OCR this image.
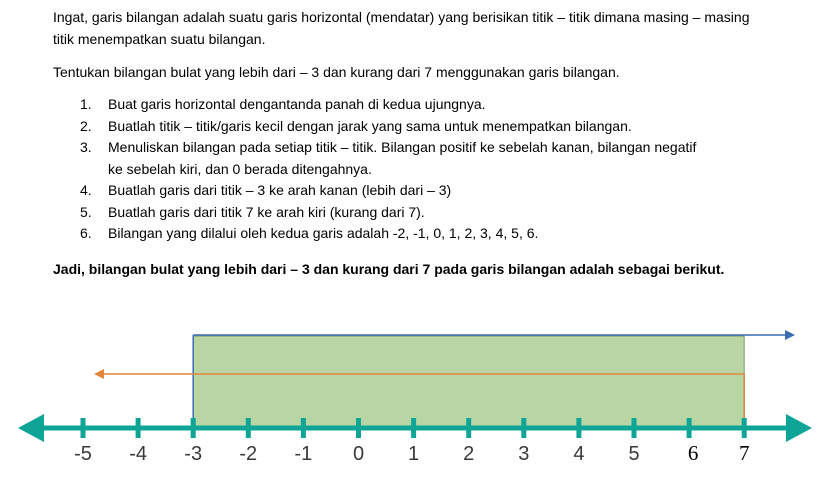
Ingat, garis bilangan adalah suatu garis horizontal (mendatar) yang berisikan titik – titik dimana masing – masing titik menempatkan suatu bilangan.

Tentukan bilangan bulat yang lebih dari – 3 dan kurang dari 7 menggunakan garis bilangan.

1. Buat garis horizontal dengantanda panah di kedua ujungnya.
2. Buatlah titik – titik/garis kecil dengan jarak yang sama untuk menempatkan bilangan.
3. Menuliskan bilangan pada setiap titik – titik. Bilangan positif ke sebelah kanan, bilangan negatif ke sebelah kiri, dan 0 berada ditengahnya.
4. Buatlah garis dari titik – 3 ke arah kanan (lebih dari – 3)
5. Buatlah garis dari titik 7 ke arah kiri (kurang dari 7).
6. Bilangan yang dilalui oleh kedua garis adalah -2, -1, 0, 1, 2, 3, 4, 5, 6.

Jadi, bilangan bulat yang lebih dari – 3 dan kurang dari 7 pada garis bilangan adalah sebagai berikut.

-5 -4 -3 -2 -1 0 1 2 3 4 5 6 7
